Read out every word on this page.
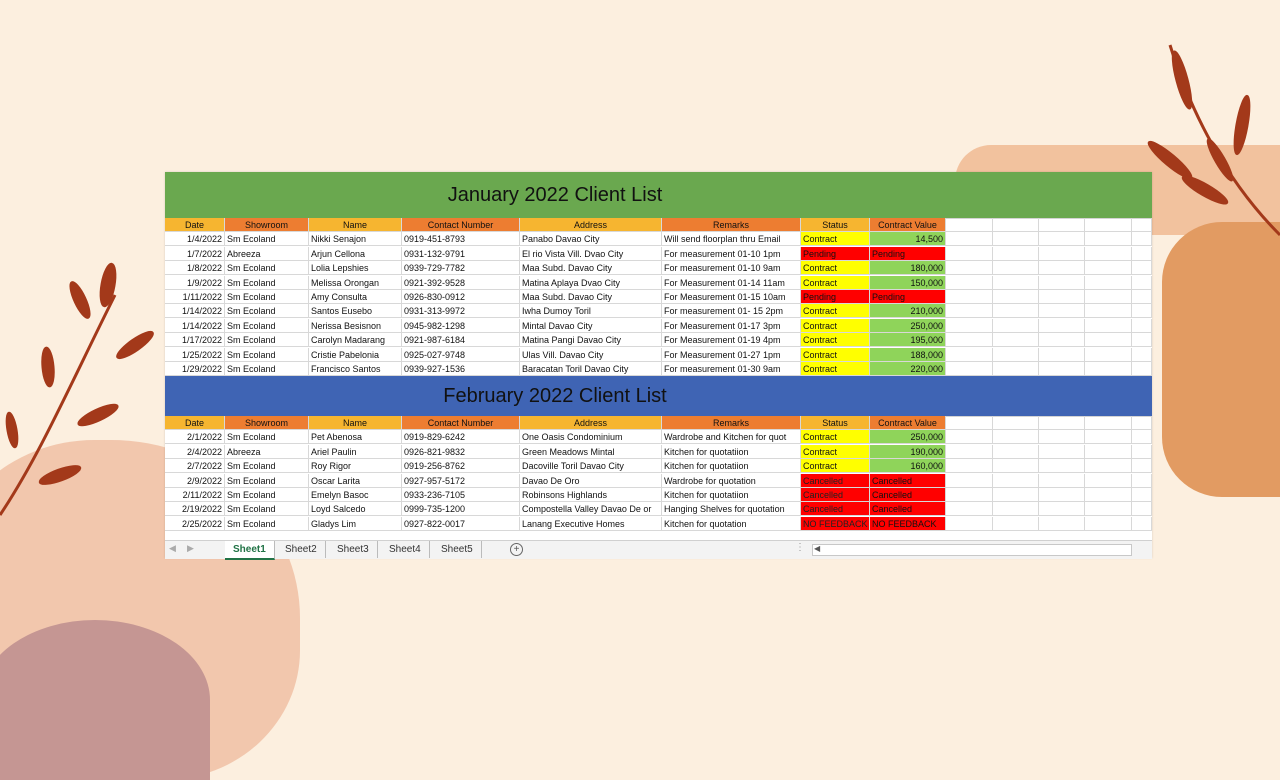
January 2022 Client List
Date	Showroom	Name	Contact Number	Address	Remarks	Status	Contract Value
1/4/2022 Sm Ecoland	Nikki Senajon	0919-451-8793	Panabo Davao City	Will send floorplan thru Email	Contract	14,500
1/7/2022 Abreeza	Arjun Cellona	0931-132-9791	El rio Vista Vill. Dvao City	For measurement 01-10 1pm	Pending	Pending
1/8/2022 Sm Ecoland	Lolia Lepshies	0939-729-7782	Maa Subd. Davao City	For measurement 01-10 9am	Contract	180,000
1/9/2022 Sm Ecoland	Melissa Orongan	0921-392-9528	Matina Aplaya Dvao City	For Measurement 01-14 11am	Contract	150,000
1/11/2022 Sm Ecoland	Amy Consulta	0926-830-0912	Maa Subd. Davao City	For Measurement 01-15 10am	Pending	Pending
1/14/2022 Sm Ecoland	Santos Eusebo	0931-313-9972	Iwha Dumoy Toril	For measurement 01- 15 2pm	Contract	210,000
1/14/2022 Sm Ecoland	Nerissa Besisnon	0945-982-1298	Mintal Davao City	For Measurement 01-17 3pm	Contract	250,000
1/17/2022 Sm Ecoland	Carolyn Madarang	0921-987-6184	Matina Pangi Davao City	For Measurement 01-19 4pm	Contract	195,000
1/25/2022 Sm Ecoland	Cristie Pabelonia	0925-027-9748	Ulas Vill. Davao City	For Measurement 01-27 1pm	Contract	188,000
1/29/2022 Sm Ecoland	Francisco Santos	0939-927-1536	Baracatan Toril Davao City	For measurement 01-30 9am	Contract	220,000
February 2022 Client List
Date	Showroom	Name	Contact Number	Address	Remarks	Status	Contract Value
2/1/2022 Sm Ecoland	Pet Abenosa	0919-829-6242	One Oasis Condominium	Wardrobe and Kitchen for quot	Contract	250,000
2/4/2022 Abreeza	Ariel Paulin	0926-821-9832	Green Meadows Mintal	Kitchen for quotatiion	Contract	190,000
2/7/2022 Sm Ecoland	Roy Rigor	0919-256-8762	Dacoville Toril Davao City	Kitchen for quotatiion	Contract	160,000
2/9/2022 Sm Ecoland	Oscar Larita	0927-957-5172	Davao De Oro	Wardrobe for quotation	Cancelled	Cancelled
2/11/2022 Sm Ecoland	Emelyn Basoc	0933-236-7105	Robinsons Highlands	Kitchen for quotatiion	Cancelled	Cancelled
2/19/2022 Sm Ecoland	Loyd Salcedo	0999-735-1200	Compostella Valley Davao De or	Hanging Shelves for quotation	Cancelled	Cancelled
2/25/2022 Sm Ecoland	Gladys Lim	0927-822-0017	Lanang Executive Homes	Kitchen for quotation	NO FEEDBACK NO FEEDBACK
◀ ▶	Sheet1	Sheet2	Sheet3	Sheet4	Sheet5	+	⋮ ◀
